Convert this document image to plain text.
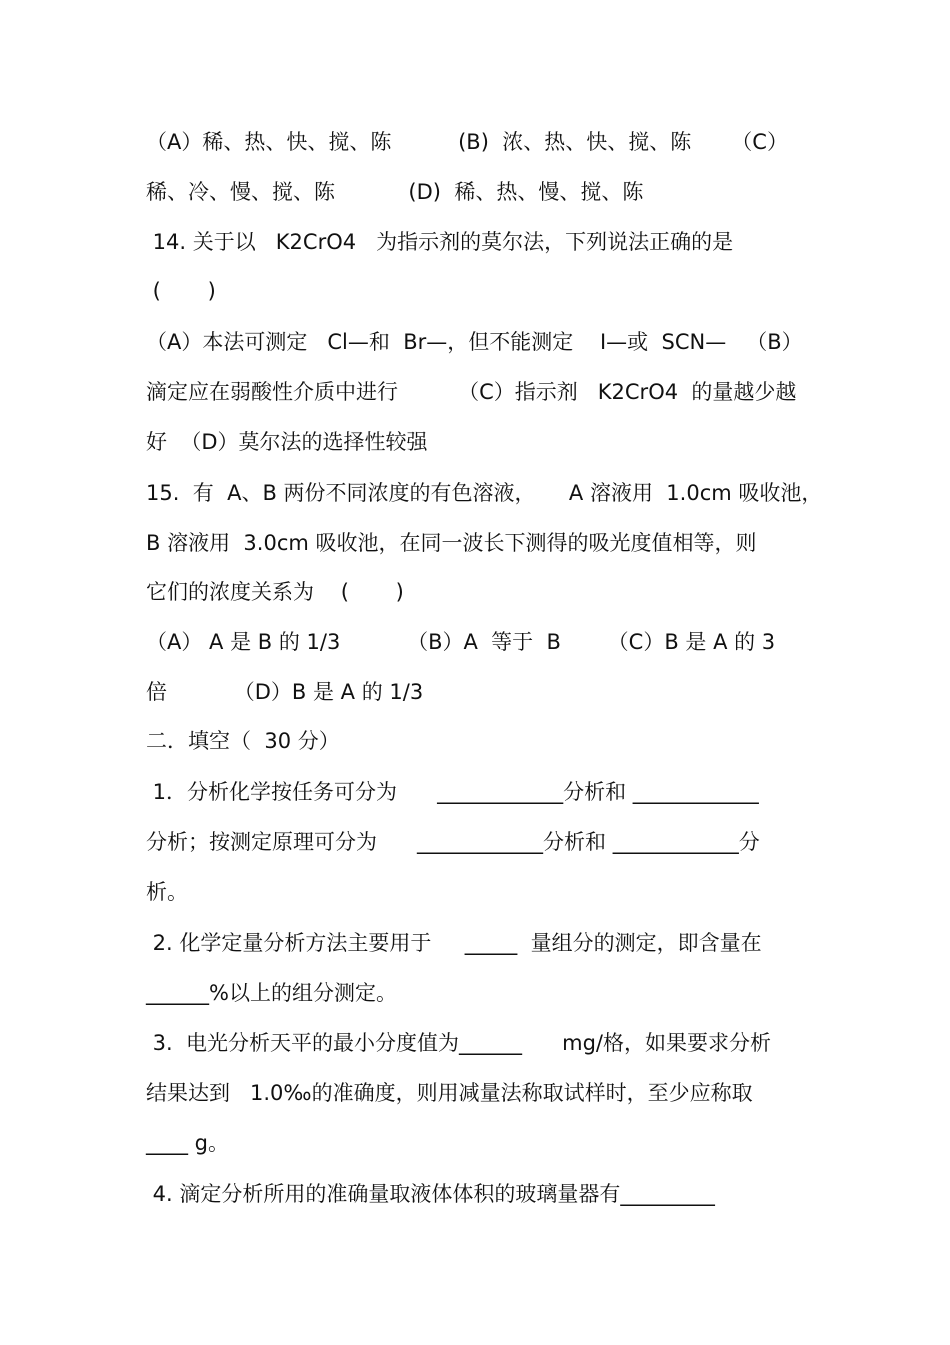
（A）稀、热、快、搅、陈          (B)  浓、热、快、搅、陈      （C）
稀、冷、慢、搅、陈           (D)  稀、热、慢、搅、陈
14. 关于以   K2CrO4   为指示剂的莫尔法，下列说法正确的是
(       )
（A）本法可测定   Cl—和  Br—，但不能测定    I—或  SCN—   （B）
滴定应在弱酸性介质中进行         （C）指示剂   K2CrO4  的量越少越
好  （D）莫尔法的选择性较强
15.  有  A、B 两份不同浓度的有色溶液，     A 溶液用  1.0cm 吸收池，
B 溶液用  3.0cm 吸收池，在同一波长下测得的吸光度值相等，则
它们的浓度关系为    (       )
（A） A 是 B 的 1/3          （B）A  等于  B       （C）B 是 A 的 3
倍          （D）B 是 A 的 1/3
二．填空（  30 分）
1．分析化学按任务可分为      ____________分析和 ____________
分析；按测定原理可分为      ____________分析和 ____________分
析。
2. 化学定量分析方法主要用于     _____  量组分的测定，即含量在
______%以上的组分测定。
3.  电光分析天平的最小分度值为______      mg/格，如果要求分析
结果达到   1.0‰的准确度，则用减量法称取试样时，至少应称取
____ g。
4. 滴定分析所用的准确量取液体体积的玻璃量器有_________
